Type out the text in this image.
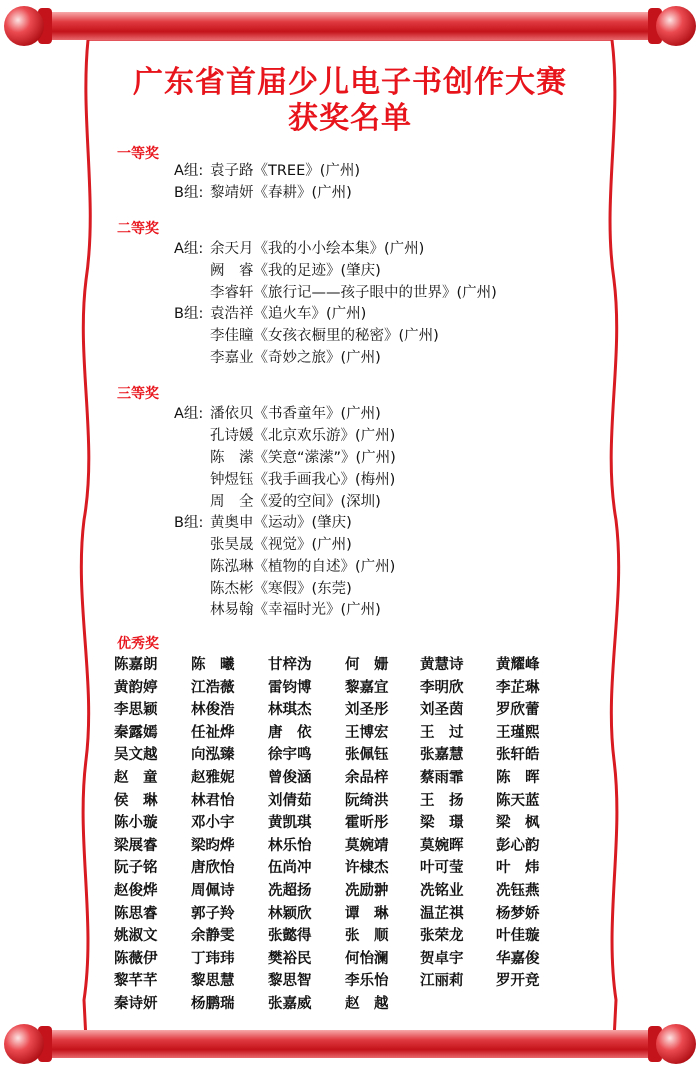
广东省首届少儿电子书创作大赛
获奖名单
一等奖
A组: 袁子路《TREE》(广州)
B组: 黎靖妍《春耕》(广州)
二等奖
A组: 余天月《我的小小绘本集》(广州)
阙　睿《我的足迹》(肇庆)
李睿轩《旅行记——孩子眼中的世界》(广州)
B组: 袁浩祥《追火车》(广州)
李佳瞳《女孩衣橱里的秘密》(广州)
李嘉业《奇妙之旅》(广州)
三等奖
A组: 潘依贝《书香童年》(广州)
孔诗媛《北京欢乐游》(广州)
陈　潆《笑意“潆潆”》(广州)
钟煜钰《我手画我心》(梅州)
周　全《爱的空间》(深圳)
B组: 黄奥申《运动》(肇庆)
张昊晟《视觉》(广州)
陈泓琳《植物的自述》(广州)
陈杰彬《寒假》(东莞)
林易翰《幸福时光》(广州)
优秀奖
陈嘉朗	陈　曦	甘梓沩	何　姗	黄慧诗	黄耀峰
黄韵婷	江浩薇	雷钧博	黎嘉宜	李明欣	李芷琳
李思颖	林俊浩	林琪杰	刘圣彤	刘圣茵	罗欣蕾
秦露嫣	任祉烨	唐　依	王博宏	王　过	王瑾熙
吴文越	向泓臻	徐宇鸣	张佩钰	张嘉慧	张轩皓
赵　童	赵雅妮	曾俊涵	余品梓	蔡雨霏	陈　晖
侯　琳	林君怡	刘倩茹	阮绮洪	王　扬	陈天蓝
陈小璇	邓小宇	黄凯琪	霍昕彤	梁　璟	梁　枫
梁展睿	梁昀烨	林乐怡	莫婉靖	莫婉晖	彭心韵
阮子铭	唐欣怡	伍尚冲	许棣杰	叶可莹	叶　炜
赵俊烨	周佩诗	冼超扬	冼励翀	冼铭业	冼钰燕
陈思睿	郭子羚	林颖欣	谭　琳	温芷祺	杨梦娇
姚淑文	余静雯	张懿得	张　顺	张荣龙	叶佳璇
陈薇伊	丁玮玮	樊裕民	何怡澜	贺卓宇	华嘉俊
黎芊芊	黎思慧	黎思智	李乐怡	江丽莉	罗开竞
秦诗妍	杨鹏瑞	张嘉威	赵　越
